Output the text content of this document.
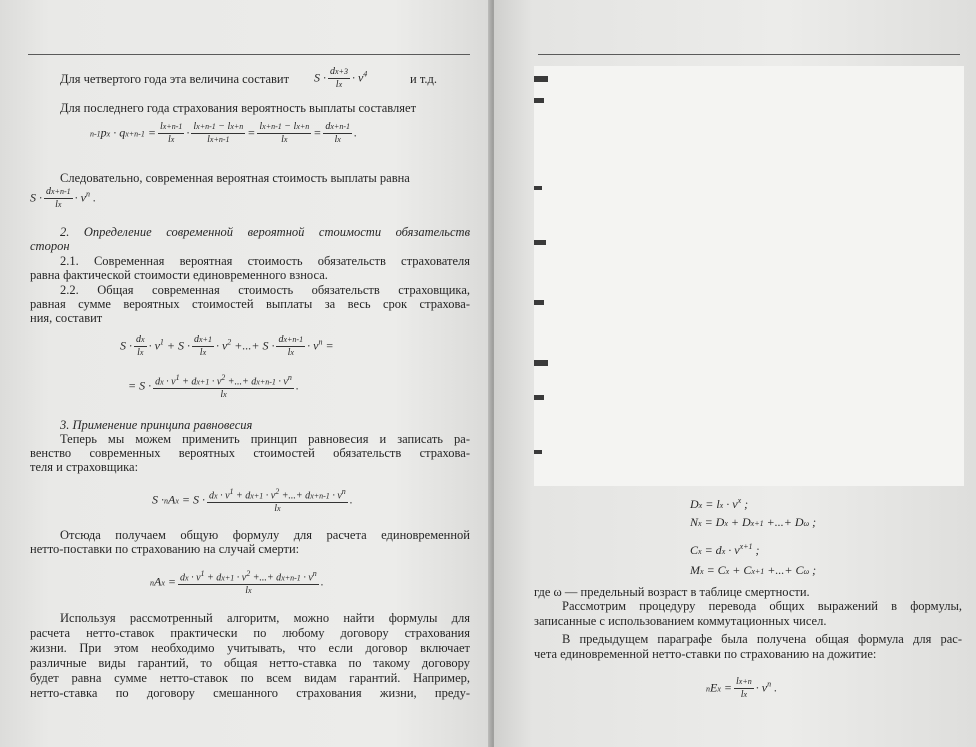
Для четвертого года эта величина составит $S \cdot \frac{dx+3}{lx} \cdot v^4$	и т.д.
Для последнего года страхования вероятность выплаты составляет
$n-1px \cdot qx+n-1 = \frac{lx+n-1}{lx} \cdot \frac{lx+n-1 - lx+n}{lx+n-1} = \frac{lx+n-1 - lx+n}{lx} = \frac{dx+n-1}{lx}$ .
Следовательно, современная вероятная стоимость выплаты равна
$S \cdot \frac{dx+n-1}{lx} \cdot v^n$ .
2. Определение современной вероятной стоимости обязательств
сторон
2.1. Современная вероятная стоимость обязательств страхователя
равна фактической стоимости единовременного взноса.
2.2. Общая современная стоимость обязательств страховщика,
равная сумме вероятных стоимостей выплаты за весь срок страхова-
ния, составит
$S \cdot \frac{dx}{lx} \cdot v^1 + S \cdot \frac{dx+1}{lx} \cdot v^2$ +...+ $S \cdot \frac{dx+n-1}{lx} \cdot v^n$ =
= $S \cdot \frac{dx \cdot v^1 + dx+1 \cdot v^2 +...+ dx+n-1 \cdot v^n}{lx}$ .
3. Применение принципа равновесия
Теперь мы можем применить принцип равновесия и записать ра-
венство современных вероятных стоимостей обязательств страхова-
теля и страховщика:
$S \cdot nAx = S \cdot \frac{dx \cdot v^1 + dx+1 \cdot v^2 +...+ dx+n-1 \cdot v^n}{lx}$ .
Отсюда получаем общую формулу для расчета единовременной
нетто-поставки по страхованию на случай смерти:
nAx = $\frac{dx \cdot v^1 + dx+1 \cdot v^2 +...+ dx+n-1 \cdot v^n}{lx}$ .
Используя рассмотренный алгоритм, можно найти формулы для
расчета нетто-ставок практически по любому договору страхования
жизни. При этом необходимо учитывать, что если договор включает
различные виды гарантий, то общая нетто-ставка по такому договору
будет равна сумме нетто-ставок по всем видам гарантий. Например,
нетто-ставка по договору смешанного страхования жизни, преду-
Dx = lx · $v^x$ ;
Nx = Dx + Dx+1 +...+ Dω ;
Cx = dx · $v^{x+1}$ ;
Mx = Cx + Cx+1 +...+ Cω ;
где ω — предельный возраст в таблице смертности.
Рассмотрим процедуру перевода общих выражений в формулы,
записанные с использованием коммутационных чисел.
В предыдущем параграфе была получена общая формула для рас-
чета единовременной нетто-ставки по страхованию на дожитие:
nEx = $\frac{lx+n}{lx} \cdot v^n$ .
